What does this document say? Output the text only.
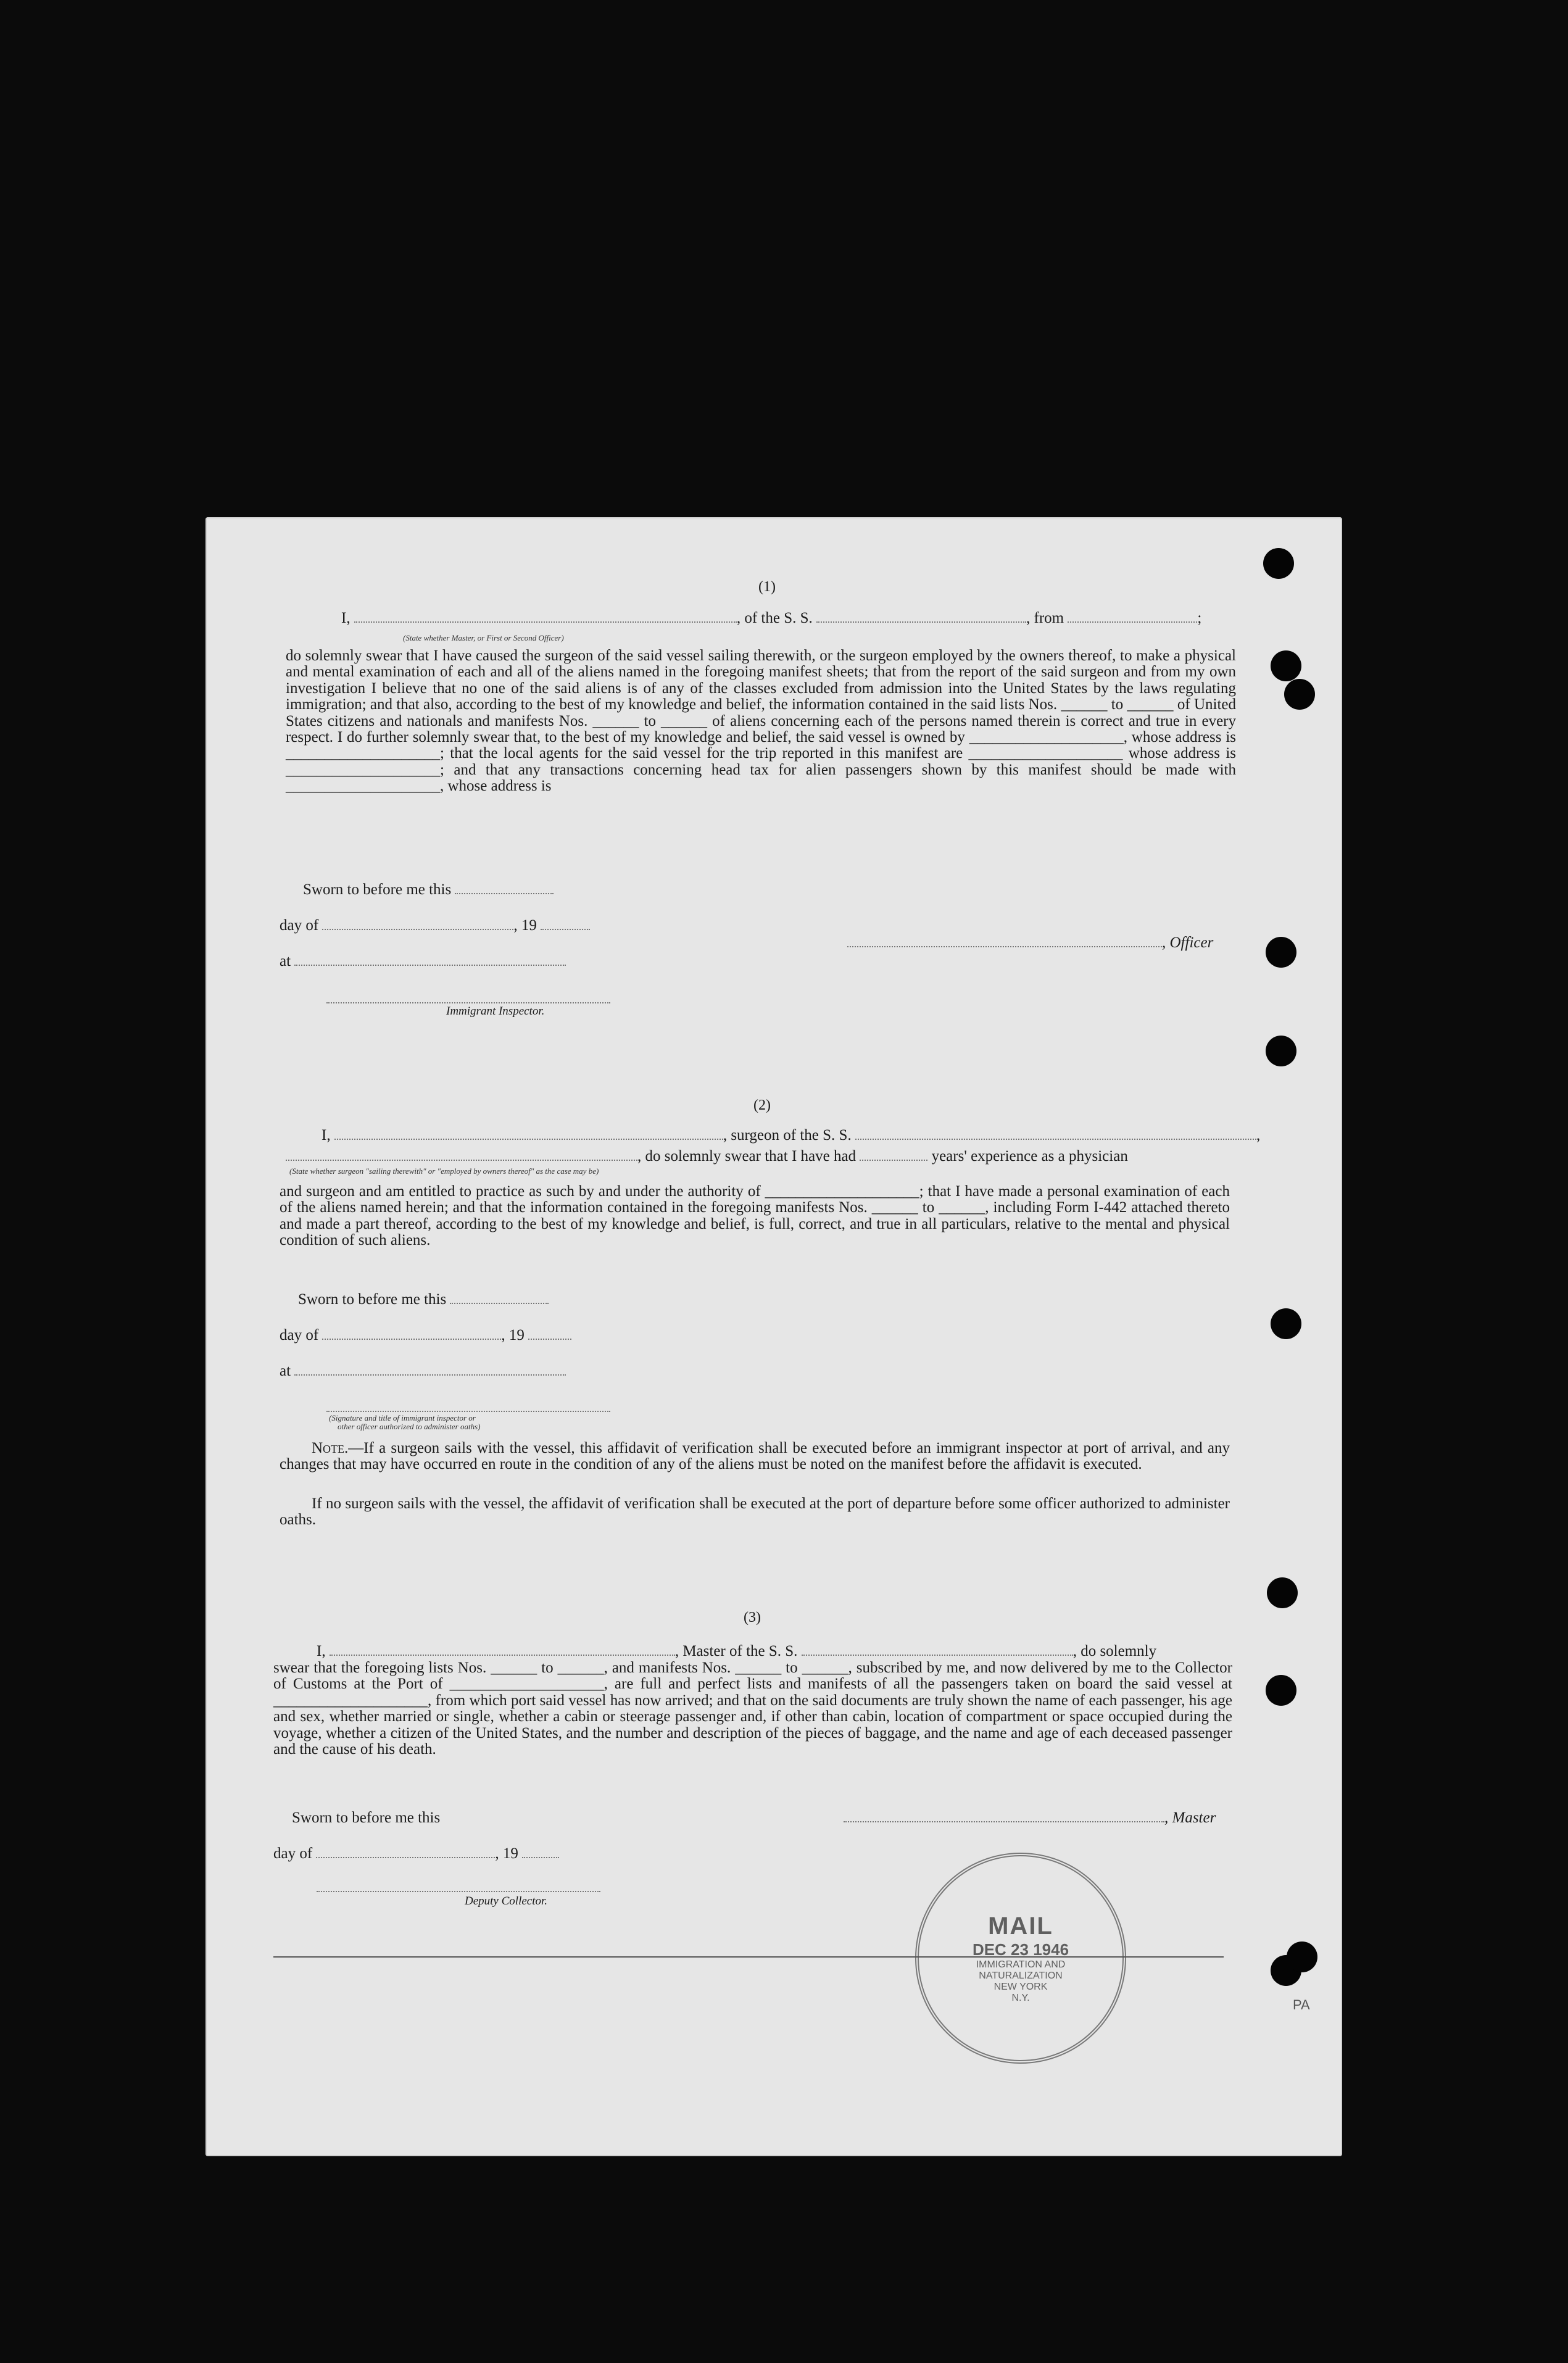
(1)
I,	, of the S. S.	, from	;
(State whether Master, or First or Second Officer)
do solemnly swear that I have caused the surgeon of the said vessel sailing therewith, or the surgeon employed by the owners thereof, to make a physical and mental examination of each and all of the aliens named in the foregoing manifest sheets; that from the report of the said surgeon and from my own investigation I believe that no one of the said aliens is of any of the classes excluded from admission into the United States by the laws regulating immigration; and that also, according to the best of my knowledge and belief, the information contained in the said lists Nos. ______ to ______ of United States citizens and nationals and manifests Nos. ______ to ______ of aliens concerning each of the persons named therein is correct and true in every respect. I do further solemnly swear that, to the best of my knowledge and belief, the said vessel is owned by ____________________, whose address is ____________________; that the local agents for the said vessel for the trip reported in this manifest are ____________________ whose address is ____________________; and that any transactions concerning head tax for alien passengers shown by this manifest should be made with ____________________, whose address is
Sworn to before me this
day of	, 19
, Officer
at
Immigrant Inspector.
(2)
I,	, surgeon of the S. S.	,
, do solemnly swear that I have had	years' experience as a physician
(State whether surgeon "sailing therewith" or "employed by owners thereof" as the case may be)
and surgeon and am entitled to practice as such by and under the authority of ____________________; that I have made a personal examination of each of the aliens named herein; and that the information contained in the foregoing manifests Nos. ______ to ______, including Form I-442 attached thereto and made a part thereof, according to the best of my knowledge and belief, is full, correct, and true in all particulars, relative to the mental and physical condition of such aliens.
Sworn to before me this
day of	, 19
at
(Signature and title of immigrant inspector or
other officer authorized to administer oaths)
Note.—If a surgeon sails with the vessel, this affidavit of verification shall be executed before an immigrant inspector at port of arrival, and any changes that may have occurred en route in the condition of any of the aliens must be noted on the manifest before the affidavit is executed.
If no surgeon sails with the vessel, the affidavit of verification shall be executed at the port of departure before some officer authorized to administer oaths.
(3)
I,	, Master of the S. S.	, do solemnly
swear that the foregoing lists Nos. ______ to ______, and manifests Nos. ______ to ______, subscribed by me, and now delivered by me to the Collector of Customs at the Port of ____________________, are full and perfect lists and manifests of all the passengers taken on board the said vessel at ____________________, from which port said vessel has now arrived; and that on the said documents are truly shown the name of each passenger, his age and sex, whether married or single, whether a cabin or steerage passenger and, if other than cabin, location of compartment or space occupied during the voyage, whether a citizen of the United States, and the number and description of the pieces of baggage, and the name and age of each deceased passenger and the cause of his death.
Sworn to before me this	, Master
day of	, 19
Deputy Collector.
MAIL
DEC 23 1946
IMMIGRATION AND
NATURALIZATION
NEW YORK
N.Y.	PA
